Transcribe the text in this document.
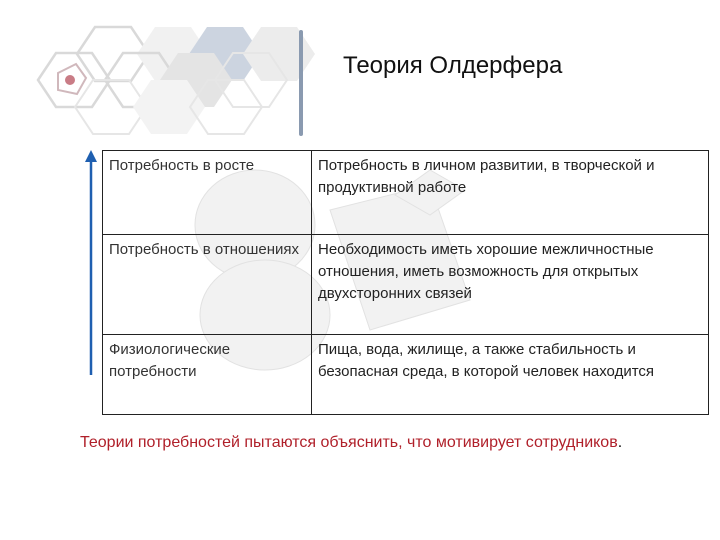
Теория Олдерфера
Потребность в росте	Потребность в личном развитии, в творческой и продуктивной работе
Потребность в отношениях	Необходимость иметь хорошие межличностные отношения, иметь возможность для открытых двухсторонних связей
Физиологические потребности	Пища, вода, жилище, а также стабильность и безопасная среда, в которой человек находится
Теории потребностей пытаются объяснить, что мотивирует сотрудников.
